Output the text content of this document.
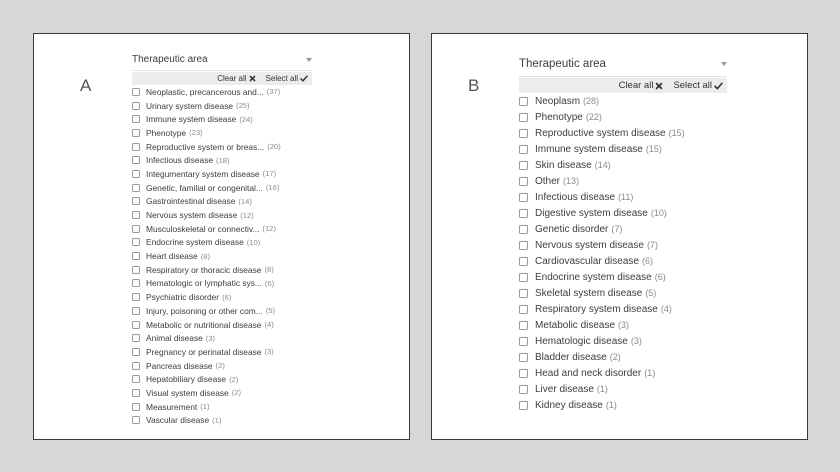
A
Therapeutic area
Clear all Select all
Neoplastic, precancerous and... (37)
Urinary system disease (25)
Immune system disease (24)
Phenotype (23)
Reproductive system or breas... (20)
Infectious disease (18)
Integumentary system disease (17)
Genetic, familial or congenital... (16)
Gastrointestinal disease (14)
Nervous system disease (12)
Musculoskeletal or connectiv... (12)
Endocrine system disease (10)
Heart disease (8)
Respiratory or thoracic disease (8)
Hematologic or lymphatic sys... (6)
Psychiatric disorder (6)
Injury, poisoning or other com... (5)
Metabolic or nutritional disease (4)
Animal disease (3)
Pregnancy or perinatal disease (3)
Pancreas disease (2)
Hepatobiliary disease (2)
Visual system disease (2)
Measurement (1)
Vascular disease (1)
B
Therapeutic area
Clear all Select all
Neoplasm (28)
Phenotype (22)
Reproductive system disease (15)
Immune system disease (15)
Skin disease (14)
Other (13)
Infectious disease (11)
Digestive system disease (10)
Genetic disorder (7)
Nervous system disease (7)
Cardiovascular disease (6)
Endocrine system disease (6)
Skeletal system disease (5)
Respiratory system disease (4)
Metabolic disease (3)
Hematologic disease (3)
Bladder disease (2)
Head and neck disorder (1)
Liver disease (1)
Kidney disease (1)
